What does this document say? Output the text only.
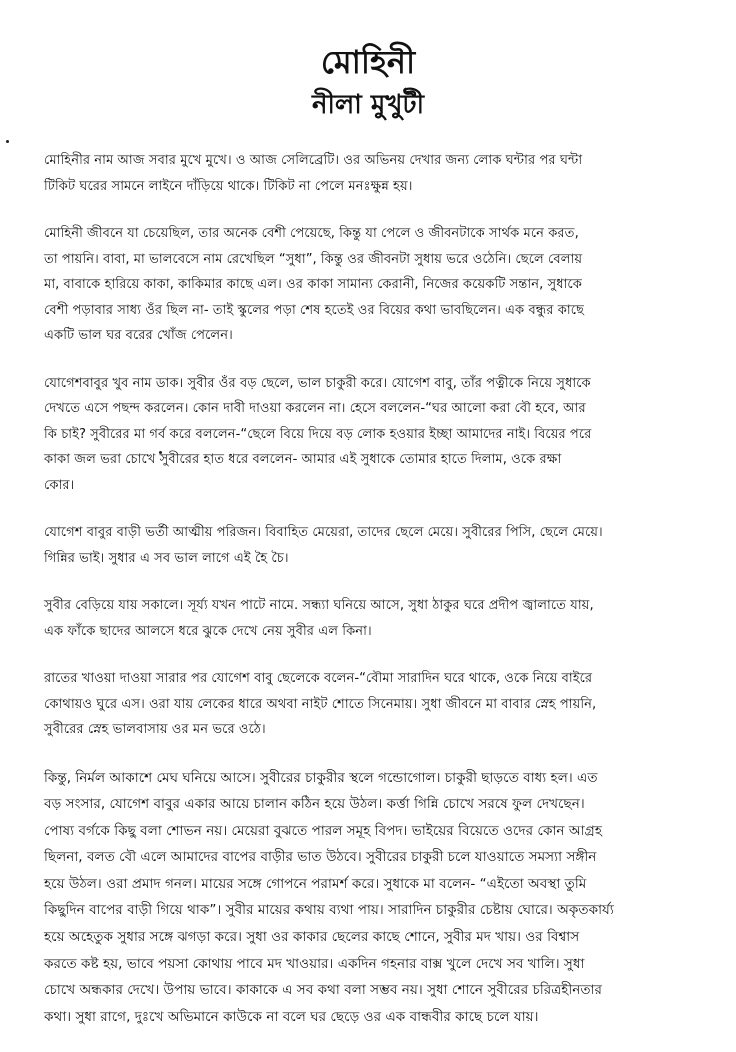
মোহিনী
নীলা মুখুটী

মোহিনীর নাম আজ সবার মুখে মুখে। ও আজ সেলিব্রেটি। ওর অভিনয় দেখার জন্য লোক ঘন্টার পর ঘন্টা
টিকিট ঘরের সামনে লাইনে দাঁড়িয়ে থাকে। টিকিট না পেলে মনঃক্ষুন্ন হয়।

মোহিনী জীবনে যা চেয়েছিল, তার অনেক বেশী পেয়েছে, কিন্তু যা পেলে ও জীবনটাকে সার্থক মনে করত,
তা পায়নি। বাবা, মা ভালবেসে নাম রেখেছিল “সুধা”, কিন্তু ওর জীবনটা সুধায় ভরে ওঠেনি। ছেলে বেলায়
মা, বাবাকে হারিয়ে কাকা, কাকিমার কাছে এল। ওর কাকা সামান্য কেরানী, নিজের কয়েকটি সন্তান, সুধাকে
বেশী পড়াবার সাধ্য ওঁর ছিল না- তাই স্কুলের পড়া শেষ হতেই ওর বিয়ের কথা ভাবছিলেন। এক বন্ধুর কাছে
একটি ভাল ঘর বরের খোঁজ পেলেন।

যোগেশবাবুর খুব নাম ডাক। সুবীর ওঁর বড় ছেলে, ভাল চাকুরী করে। যোগেশ বাবু, তাঁর পত্নীকে নিয়ে সুধাকে
দেখতে এসে পছন্দ করলেন। কোন দাবী দাওয়া করলেন না। হেসে বললেন-“ঘর আলো করা বৌ হবে, আর
কি চাই? সুবীরের মা গর্ব করে বললেন-“ছেলে বিয়ে দিয়ে বড় লোক হওয়ার ইচ্ছা আমাদের নাই। বিয়ের পরে
কাকা জল ভরা চোখে সুবীরের হাত ধরে বললেন- আমার এই সুধাকে তোমার হাতে দিলাম, ওকে রক্ষা
কোর।

যোগেশ বাবুর বাড়ী ভর্তী আত্মীয় পরিজন। বিবাহিত মেয়েরা, তাদের ছেলে মেয়ে। সুবীরের পিসি, ছেলে মেয়ে।
গিন্নির ভাই। সুধার এ সব ভাল লাগে এই হৈ চৈ।

সুবীর বেড়িয়ে যায় সকালে। সূর্য্য যখন পাটে নামে. সন্ধ্যা ঘনিয়ে আসে, সুধা ঠাকুর ঘরে প্রদীপ জ্বালাতে যায়,
এক ফাঁকে ছাদের আলসে ধরে ঝুকে দেখে নেয় সুবীর এল কিনা।

রাতের খাওয়া দাওয়া সারার পর যোগেশ বাবু ছেলেকে বলেন-“বৌমা সারাদিন ঘরে থাকে, ওকে নিয়ে বাইরে
কোথায়ও ঘুরে এস। ওরা যায় লেকের ধারে অথবা নাইট শোতে সিনেমায়। সুধা জীবনে মা বাবার স্নেহ পায়নি,
সুবীরের স্নেহ ভালবাসায় ওর মন ভরে ওঠে।

কিন্তু, নির্মল আকাশে মেঘ ঘনিয়ে আসে। সুবীরের চাকুরীর স্থলে গন্ডোগোল। চাকুরী ছাড়তে বাধ্য হল। এত
বড় সংসার, যোগেশ বাবুর একার আয়ে চালান কঠিন হয়ে উঠল। কর্ত্তা গিন্নি চোখে সরষে ফুল দেখছেন।
পোষ্য বর্গকে কিছু বলা শোভন নয়। মেয়েরা বুঝতে পারল সমূহ বিপদ। ভাইয়ের বিয়েতে ওদের কোন আগ্রহ
ছিলনা, বলত বৌ এলে আমাদের বাপের বাড়ীর ভাত উঠবে। সুবীরের চাকুরী চলে যাওয়াতে সমস্যা সঙ্গীন
হয়ে উঠল। ওরা প্রমাদ গনল। মায়ের সঙ্গে গোপনে পরামর্শ করে। সুধাকে মা বলেন- “এইতো অবস্থা তুমি
কিছুদিন বাপের বাড়ী গিয়ে থাক”। সুবীর মায়ের কথায় ব্যথা পায়। সারাদিন চাকুরীর চেষ্টায় ঘোরে। অকৃতকার্য্য
হয়ে অহেতুক সুধার সঙ্গে ঝগড়া করে। সুধা ওর কাকার ছেলের কাছে শোনে, সুবীর মদ খায়। ওর বিশ্বাস
করতে কষ্ট হয়, ভাবে পয়সা কোথায় পাবে মদ খাওয়ার। একদিন গহনার বাক্স খুলে দেখে সব খালি। সুধা
চোখে অন্ধকার দেখে। উপায় ভাবে। কাকাকে এ সব কথা বলা সম্ভব নয়। সুধা শোনে সুবীরের চরিত্রহীনতার
কথা। সুধা রাগে, দুঃখে অভিমানে কাউকে না বলে ঘর ছেড়ে ওর এক বান্ধবীর কাছে চলে যায়।
